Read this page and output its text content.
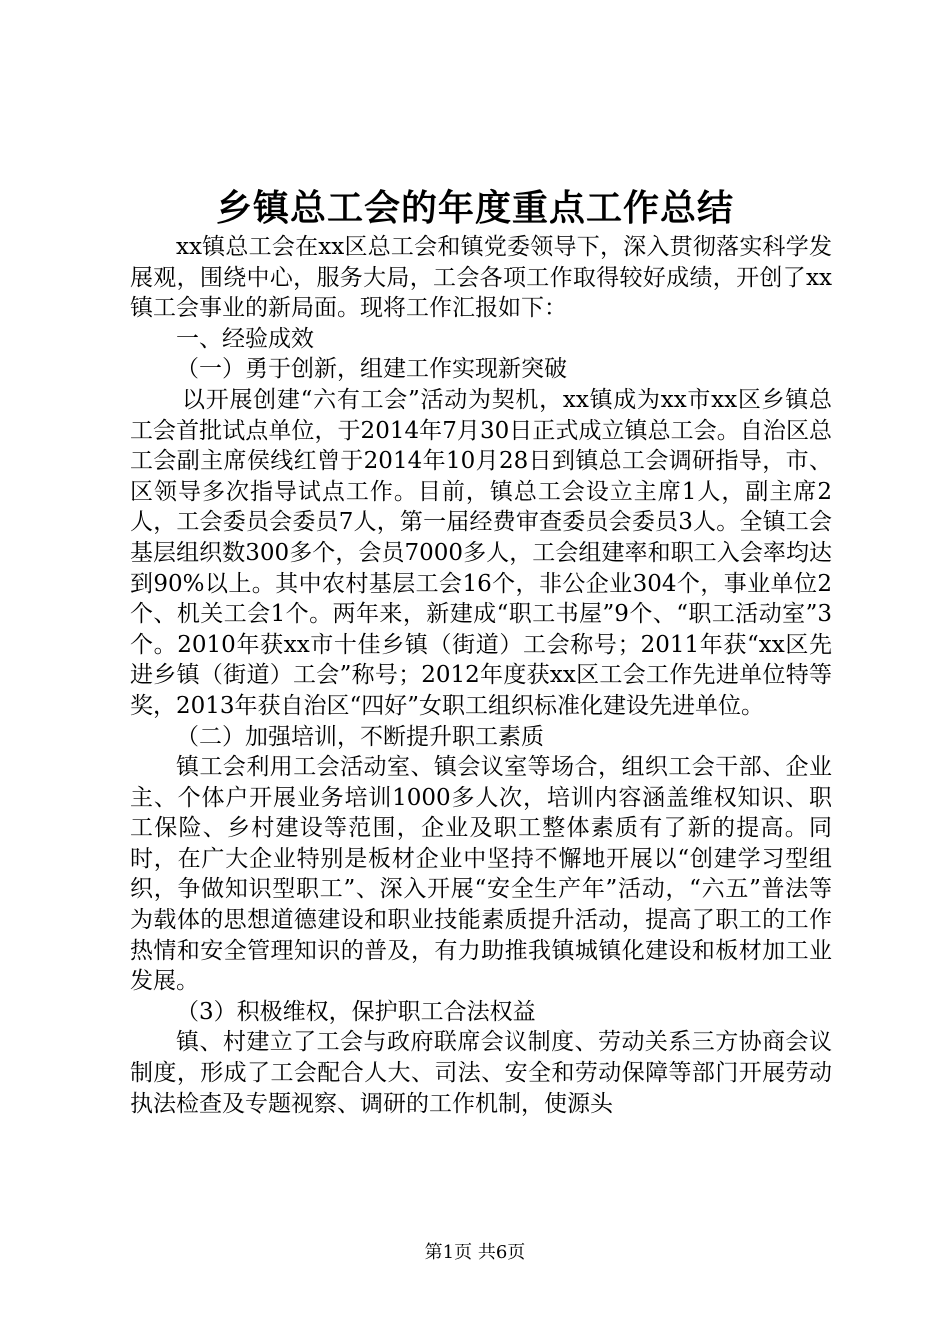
乡镇总工会的年度重点工作总结

xx镇总工会在xx区总工会和镇党委领导下，深入贯彻落实科学发展观，围绕中心，服务大局，工会各项工作取得较好成绩，开创了xx镇工会事业的新局面。现将工作汇报如下：

一、经验成效

（一）勇于创新，组建工作实现新突破

以开展创建“六有工会”活动为契机，xx镇成为xx市xx区乡镇总工会首批试点单位，于2014年7月30日正式成立镇总工会。自治区总工会副主席侯线红曾于2014年10月28日到镇总工会调研指导，市、区领导多次指导试点工作。目前，镇总工会设立主席1人，副主席2人，工会委员会委员7人，第一届经费审查委员会委员3人。全镇工会基层组织数300多个，会员7000多人，工会组建率和职工入会率均达到90%以上。其中农村基层工会16个，非公企业304个，事业单位2个、机关工会1个。两年来，新建成“职工书屋”9个、“职工活动室”3个。2010年获xx市十佳乡镇（街道）工会称号；2011年获“xx区先进乡镇（街道）工会”称号；2012年度获xx区工会工作先进单位特等奖，2013年获自治区“四好”女职工组织标准化建设先进单位。

（二）加强培训，不断提升职工素质

镇工会利用工会活动室、镇会议室等场合，组织工会干部、企业主、个体户开展业务培训1000多人次，培训内容涵盖维权知识、职工保险、乡村建设等范围，企业及职工整体素质有了新的提高。同时，在广大企业特别是板材企业中坚持不懈地开展以“创建学习型组织，争做知识型职工”、深入开展“安全生产年”活动，“六五”普法等为载体的思想道德建设和职业技能素质提升活动，提高了职工的工作热情和安全管理知识的普及，有力助推我镇城镇化建设和板材加工业发展。

（3）积极维权，保护职工合法权益

镇、村建立了工会与政府联席会议制度、劳动关系三方协商会议制度，形成了工会配合人大、司法、安全和劳动保障等部门开展劳动执法检查及专题视察、调研的工作机制，使源头

第1页 共6页
